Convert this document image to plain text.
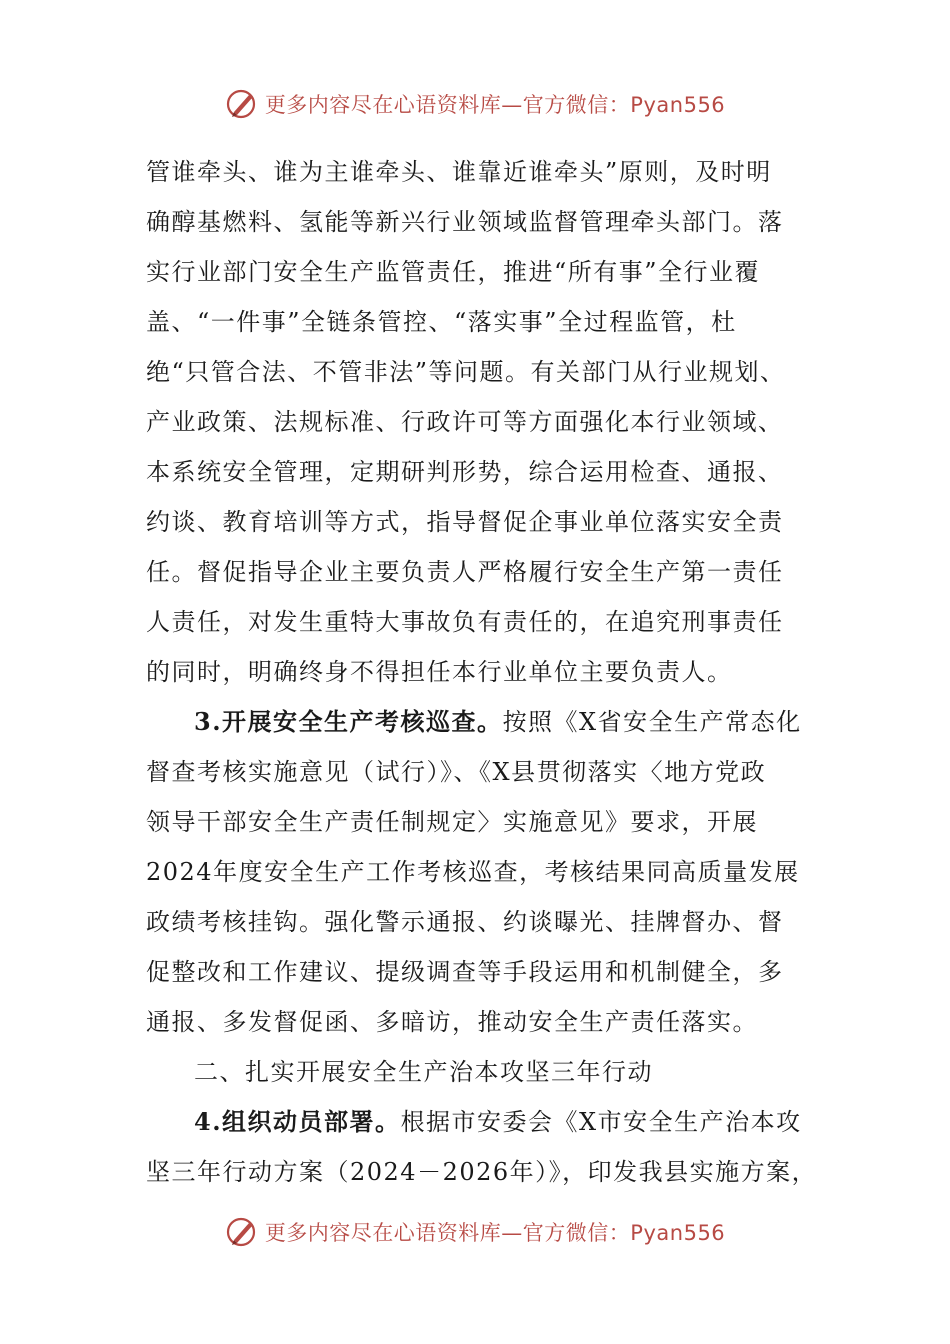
更多内容尽在心语资料库—官方微信：Pyan556
管谁牵头、谁为主谁牵头、谁靠近谁牵头”原则，及时明
确醇基燃料、氢能等新兴行业领域监督管理牵头部门。落
实行业部门安全生产监管责任，推进“所有事”全行业覆
盖、“一件事”全链条管控、“落实事”全过程监管，杜
绝“只管合法、不管非法”等问题。有关部门从行业规划、
产业政策、法规标准、行政许可等方面强化本行业领域、
本系统安全管理，定期研判形势，综合运用检查、通报、
约谈、教育培训等方式，指导督促企事业单位落实安全责
任。督促指导企业主要负责人严格履行安全生产第一责任
人责任，对发生重特大事故负有责任的，在追究刑事责任
的同时，明确终身不得担任本行业单位主要负责人。
3.开展安全生产考核巡查。按照《X省安全生产常态化
督查考核实施意见（试行）》、《X县贯彻落实〈地方党政
领导干部安全生产责任制规定〉实施意见》要求，开展
2024年度安全生产工作考核巡查，考核结果同高质量发展
政绩考核挂钩。强化警示通报、约谈曝光、挂牌督办、督
促整改和工作建议、提级调查等手段运用和机制健全，多
通报、多发督促函、多暗访，推动安全生产责任落实。
二、扎实开展安全生产治本攻坚三年行动
4.组织动员部署。根据市安委会《X市安全生产治本攻
坚三年行动方案（2024－2026年）》，印发我县实施方案，
更多内容尽在心语资料库—官方微信：Pyan556
